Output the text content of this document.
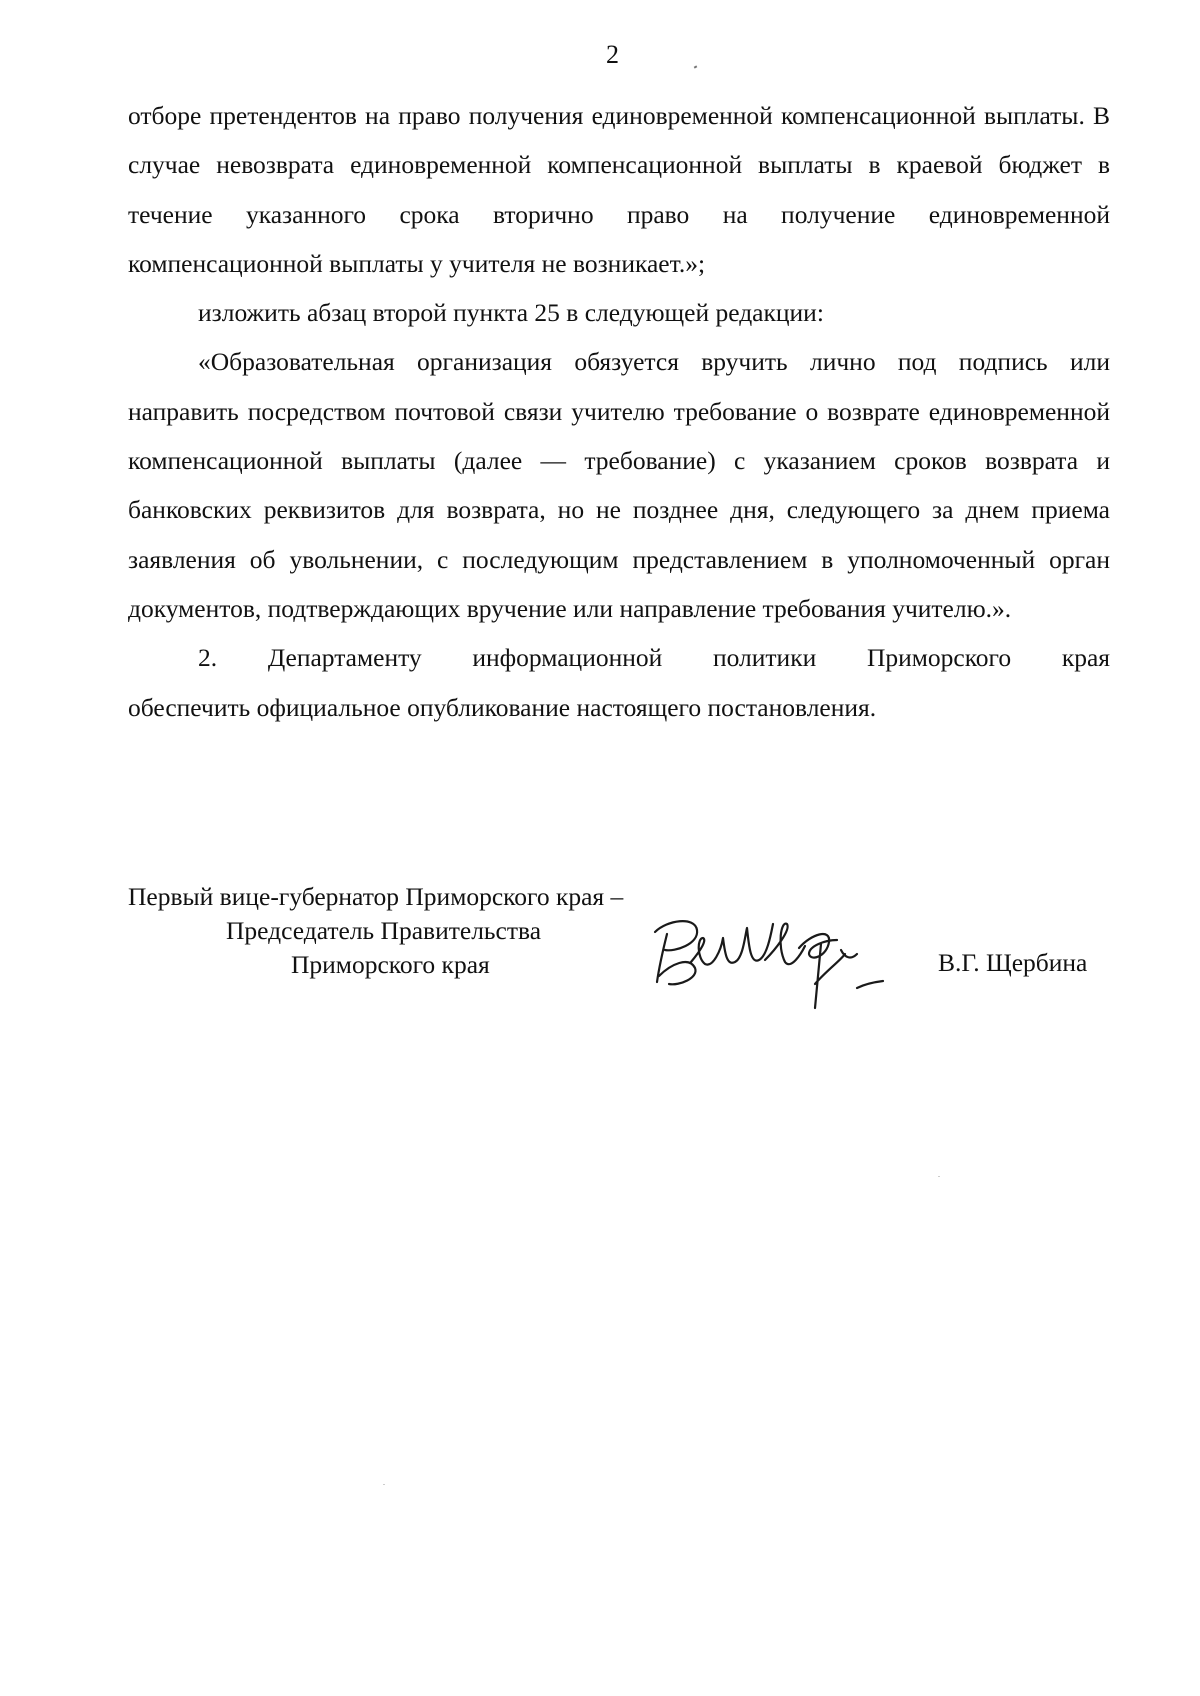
2

отборе претендентов на право получения единовременной компенсационной выплаты. В случае невозврата единовременной компенсационной выплаты в краевой бюджет в течение указанного срока вторично право на получение единовременной компенсационной выплаты у учителя не возникает.»;

изложить абзац второй пункта 25 в следующей редакции:

«Образовательная организация обязуется вручить лично под подпись или направить посредством почтовой связи учителю требование о возврате единовременной компенсационной выплаты (далее — требование) с указанием сроков возврата и банковских реквизитов для возврата, но не позднее дня, следующего за днем приема заявления об увольнении, с последующим представлением в уполномоченный орган документов, подтверждающих вручение или направление требования учителю.».

2. Департаменту информационной политики Приморского края

обеспечить официальное опубликование настоящего постановления.

Первый вице-губернатор Приморского края –
Председатель Правительства
Приморского края	В.Г. Щербина
